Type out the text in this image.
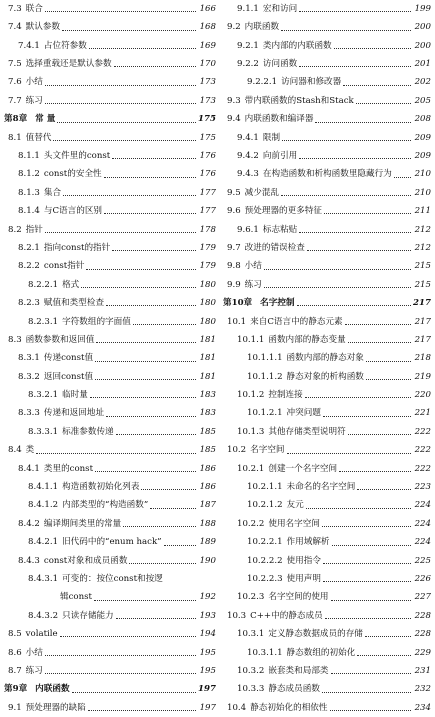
7.3 联合	166
7.4 默认参数	168
7.4.1 占位符参数	169
7.5 选择重载还是默认参数	170
7.6 小结	173
7.7 练习	173
第8章 常 量	175
8.1 值替代	175
8.1.1 头文件里的const	176
8.1.2 const的安全性	176
8.1.3 集合	177
8.1.4 与C语言的区别	177
8.2 指针	178
8.2.1 指向const的指针	179
8.2.2 const指针	179
8.2.2.1 格式	180
8.2.3 赋值和类型检查	180
8.2.3.1 字符数组的字面值	180
8.3 函数参数和返回值	181
8.3.1 传递const值	181
8.3.2 返回const值	181
8.3.2.1 临时量	183
8.3.3 传递和返回地址	183
8.3.3.1 标准参数传递	185
8.4 类	185
8.4.1 类里的const	186
8.4.1.1 构造函数初始化列表	186
8.4.1.2 内部类型的“构造函数”	187
8.4.2 编译期间类里的常量	188
8.4.2.1 旧代码中的“enum hack”	189
8.4.3 const对象和成员函数	190
8.4.3.1 可变的：按位const和按逻
辑const	192
8.4.3.2 只读存储能力	193
8.5 volatile	194
8.6 小结	195
8.7 练习	195
第9章 内联函数	197
9.1 预处理器的缺陷	197
9.1.1 宏和访问	199
9.2 内联函数	200
9.2.1 类内部的内联函数	200
9.2.2 访问函数	201
9.2.2.1 访问器和修改器	202
9.3 带内联函数的Stash和Stack	205
9.4 内联函数和编译器	208
9.4.1 限制	209
9.4.2 向前引用	209
9.4.3 在构造函数和析构函数里隐藏行为	210
9.5 减少混乱	210
9.6 预处理器的更多特征	211
9.6.1 标志粘贴	212
9.7 改进的错误检查	212
9.8 小结	215
9.9 练习	215
第10章 名字控制	217
10.1 来自C语言中的静态元素	217
10.1.1 函数内部的静态变量	217
10.1.1.1 函数内部的静态对象	218
10.1.1.2 静态对象的析构函数	219
10.1.2 控制连接	220
10.1.2.1 冲突问题	221
10.1.3 其他存储类型说明符	222
10.2 名字空间	222
10.2.1 创建一个名字空间	222
10.2.1.1 未命名的名字空间	223
10.2.1.2 友元	224
10.2.2 使用名字空间	224
10.2.2.1 作用域解析	224
10.2.2.2 使用指令	225
10.2.2.3 使用声明	226
10.2.3 名字空间的使用	227
10.3 C++中的静态成员	228
10.3.1 定义静态数据成员的存储	228
10.3.1.1 静态数组的初始化	229
10.3.2 嵌套类和局部类	231
10.3.3 静态成员函数	232
10.4 静态初始化的相依性	234
